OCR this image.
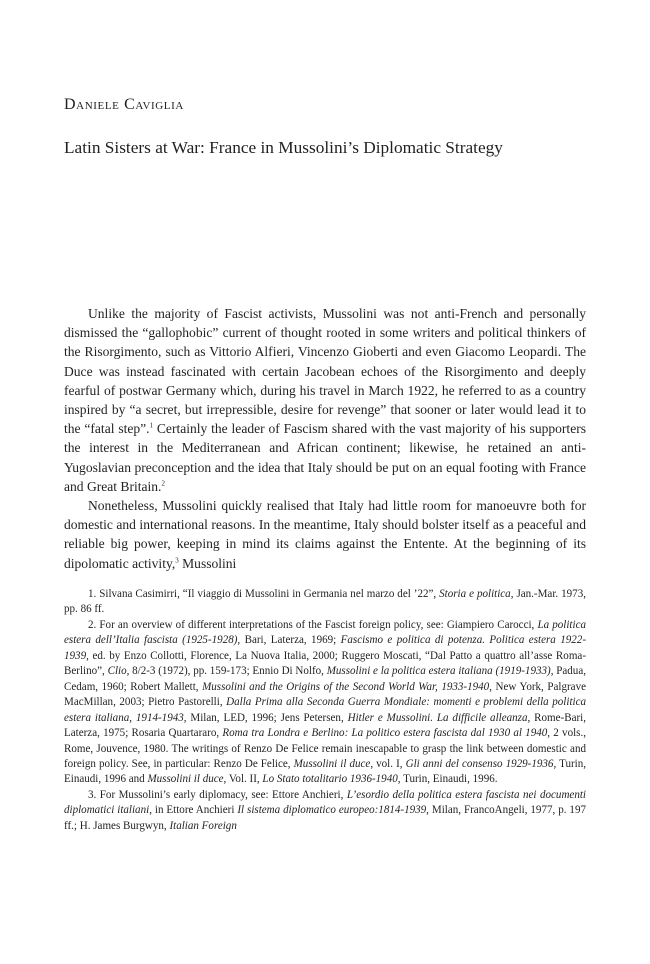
Daniele Caviglia
Latin Sisters at War: France in Mussolini’s Diplomatic Strategy

Unlike the majority of Fascist activists, Mussolini was not anti-French and personally dismissed the “gallophobic” current of thought rooted in some writers and political thinkers of the Risorgimento, such as Vittorio Alfieri, Vincenzo Gioberti and even Giacomo Leopardi. The Duce was instead fascinated with certain Jacobean echoes of the Risorgimento and deeply fearful of postwar Germany which, during his travel in March 1922, he referred to as a country inspired by “a secret, but irrepressible, desire for revenge” that sooner or later would lead it to the “fatal step”.$^1$ Certainly the leader of Fascism shared with the vast majority of his supporters the interest in the Mediterranean and African continent; likewise, he retained an anti-Yugoslavian preconception and the idea that Italy should be put on an equal footing with France and Great Britain.$^2$

Nonetheless, Mussolini quickly realised that Italy had little room for manoeuvre both for domestic and international reasons. In the meantime, Italy should bolster itself as a peaceful and reliable big power, keeping in mind its claims against the Entente. At the beginning of its dipolomatic activity,$^3$ Mussolini

1. Silvana Casimirri, “Il viaggio di Mussolini in Germania nel marzo del ’22”, Storia e politica, Jan.-Mar. 1973, pp. 86 ff.

2. For an overview of different interpretations of the Fascist foreign policy, see: Giampiero Carocci, La politica estera dell’Italia fascista (1925-1928), Bari, Laterza, 1969; Fascismo e politica di potenza. Politica estera 1922-1939, ed. by Enzo Collotti, Florence, La Nuova Italia, 2000; Ruggero Moscati, “Dal Patto a quattro all’asse Roma-Berlino”, Clio, 8/2-3 (1972), pp. 159-173; Ennio Di Nolfo, Mussolini e la politica estera italiana (1919-1933), Padua, Cedam, 1960; Robert Mallett, Mussolini and the Origins of the Second World War, 1933-1940, New York, Palgrave MacMillan, 2003; Pietro Pastorelli, Dalla Prima alla Seconda Guerra Mondiale: momenti e problemi della politica estera italiana, 1914-1943, Milan, LED, 1996; Jens Petersen, Hitler e Mussolini. La difficile alleanza, Rome-Bari, Laterza, 1975; Rosaria Quartararo, Roma tra Londra e Berlino: La politico estera fascista dal 1930 al 1940, 2 vols., Rome, Jouvence, 1980. The writings of Renzo De Felice remain inescapable to grasp the link between domestic and foreign policy. See, in particular: Renzo De Felice, Mussolini il duce, vol. I, Gli anni del consenso 1929-1936, Turin, Einaudi, 1996 and Mussolini il duce, Vol. II, Lo Stato totalitario 1936-1940, Turin, Einaudi, 1996.

3. For Mussolini’s early diplomacy, see: Ettore Anchieri, L’esordio della politica estera fascista nei documenti diplomatici italiani, in Ettore Anchieri Il sistema diplomatico europeo:1814-1939, Milan, FrancoAngeli, 1977, p. 197 ff.; H. James Burgwyn, Italian Foreign
